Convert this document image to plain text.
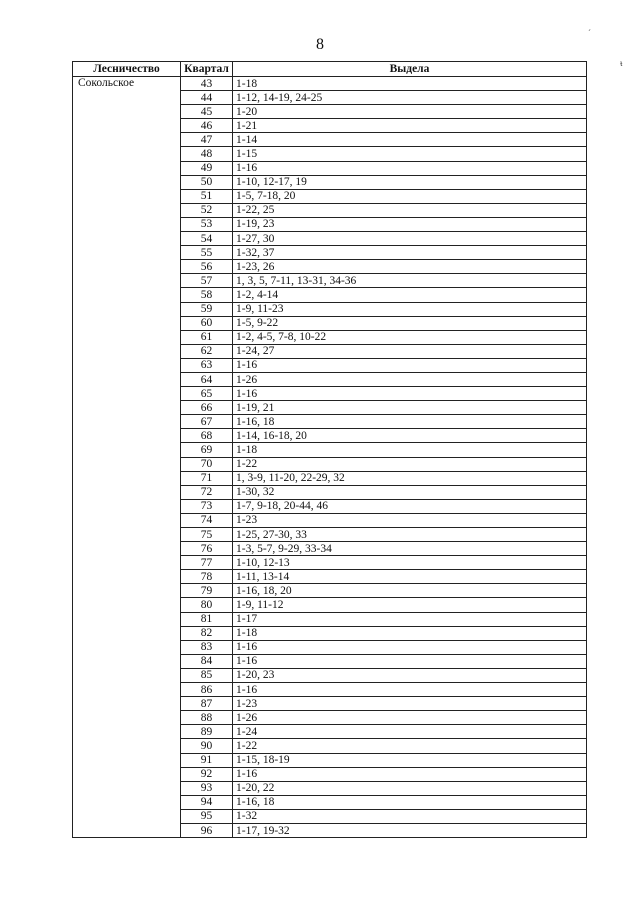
8
´
ᵼ
Лесничество	Квартал	Выдела
Сокольское	43	1-18
	44	1-12, 14-19, 24-25
	45	1-20
	46	1-21
	47	1-14
	48	1-15
	49	1-16
	50	1-10, 12-17, 19
	51	1-5, 7-18, 20
	52	1-22, 25
	53	1-19, 23
	54	1-27, 30
	55	1-32, 37
	56	1-23, 26
	57	1, 3, 5, 7-11, 13-31, 34-36
	58	1-2, 4-14
	59	1-9, 11-23
	60	1-5, 9-22
	61	1-2, 4-5, 7-8, 10-22
	62	1-24, 27
	63	1-16
	64	1-26
	65	1-16
	66	1-19, 21
	67	1-16, 18
	68	1-14, 16-18, 20
	69	1-18
	70	1-22
	71	1, 3-9, 11-20, 22-29, 32
	72	1-30, 32
	73	1-7, 9-18, 20-44, 46
	74	1-23
	75	1-25, 27-30, 33
	76	1-3, 5-7, 9-29, 33-34
	77	1-10, 12-13
	78	1-11, 13-14
	79	1-16, 18, 20
	80	1-9, 11-12
	81	1-17
	82	1-18
	83	1-16
	84	1-16
	85	1-20, 23
	86	1-16
	87	1-23
	88	1-26
	89	1-24
	90	1-22
	91	1-15, 18-19
	92	1-16
	93	1-20, 22
	94	1-16, 18
	95	1-32
	96	1-17, 19-32
